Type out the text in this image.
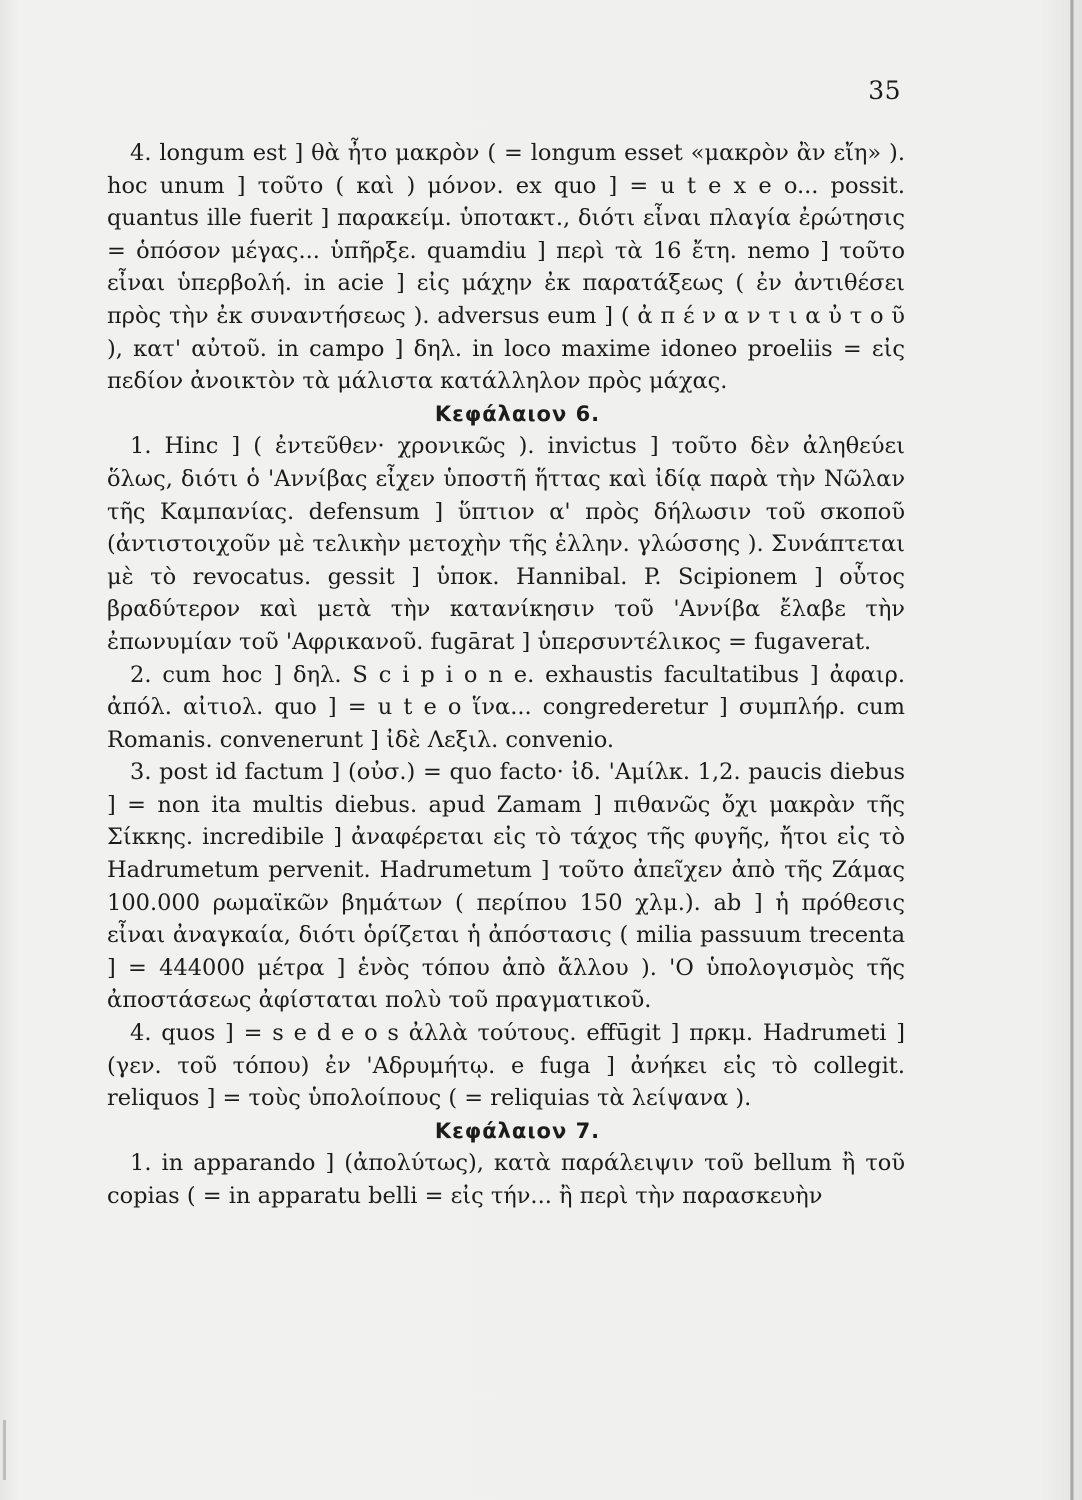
35

4. longum est ] θὰ ἦτο μακρὸν ( = longum esset «μακρὸν ἂν εἴη» ). hoc unum ] τοῦτο ( καὶ ) μόνον. ex quo ] = u t e x e o... possit. quantus ille fuerit ] παρακείμ. ὑποτακτ., διότι εἶναι πλαγία ἐρώτησις = ὁπόσον μέγας... ὑπῆρξε. quamdiu ] περὶ τὰ 16 ἔτη. nemo ] τοῦτο εἶναι ὑπερβολή. in acie ] εἰς μάχην ἐκ παρατάξεως ( ἐν ἀντιθέσει πρὸς τὴν ἐκ συναντήσεως ). adversus eum ] ( ἀ π έ ν α ν τ ι α ὐ τ ο ῦ ), κατ' αὐτοῦ. in campo ] δηλ. in loco maxime idoneo proeliis = εἰς πεδίον ἀνοικτὸν τὰ μάλιστα κατάλληλον πρὸς μάχας.

Κεφάλαιον 6.

1. Hinc ] ( ἐντεῦθεν· χρονικῶς ). invictus ] τοῦτο δὲν ἀληθεύει ὅλως, διότι ὁ 'Αννίβας εἶχεν ὑποστῆ ἥττας καὶ ἰδίᾳ παρὰ τὴν Νῶλαν τῆς Καμπανίας. defensum ] ὕπτιον α' πρὸς δήλωσιν τοῦ σκοποῦ (ἀντιστοιχοῦν μὲ τελικὴν μετοχὴν τῆς ἑλλην. γλώσσης ). Συνάπτεται μὲ τὸ revocatus. gessit ] ὑποκ. Hannibal. P. Scipionem ] οὗτος βραδύτερον καὶ μετὰ τὴν κατανίκησιν τοῦ 'Αννίβα ἔλαβε τὴν ἐπωνυμίαν τοῦ 'Αφρικανοῦ. fugārat ] ὑπερσυντέλικος = fugaverat.

2. cum hoc ] δηλ. S c i p i o n e. exhaustis facultatibus ] ἀφαιρ. ἀπόλ. αἰτιολ. quo ] = u t e o ἵνα... congrederetur ] συμπλήρ. cum Romanis. convenerunt ] ἰδὲ Λεξιλ. convenio.

3. post id factum ] (οὐσ.) = quo facto· ἰδ. 'Αμίλκ. 1,2. paucis diebus ] = non ita multis diebus. apud Zamam ] πιθανῶς ὄχι μακρὰν τῆς Σίκκης. incredibile ] ἀναφέρεται εἰς τὸ τάχος τῆς φυγῆς, ἤτοι εἰς τὸ Hadrumetum pervenit. Hadrumetum ] τοῦτο ἀπεῖχεν ἀπὸ τῆς Ζάμας 100.000 ρωμαϊκῶν βημάτων ( περίπου 150 χλμ.). ab ] ἡ πρόθεσις εἶναι ἀναγκαία, διότι ὁρίζεται ἡ ἀπόστασις ( milia passuum trecenta ] = 444000 μέτρα ] ἑνὸς τόπου ἀπὸ ἄλλου ). 'Ο ὑπολογισμὸς τῆς ἀποστάσεως ἀφίσταται πολὺ τοῦ πραγματικοῦ.

4. quos ] = s e d e o s ἀλλὰ τούτους. effūgit ] πρκμ. Hadrumeti ] (γεν. τοῦ τόπου) ἐν 'Αδρυμήτῳ. e fuga ] ἀνήκει εἰς τὸ collegit. reliquos ] = τοὺς ὑπολοίπους ( = reliquias τὰ λείψανα ).

Κεφάλαιον 7.

1. in apparando ] (ἀπολύτως), κατὰ παράλειψιν τοῦ bellum ἢ τοῦ copias ( = in apparatu belli = εἰς τήν... ἢ περὶ τὴν παρασκευὴν
